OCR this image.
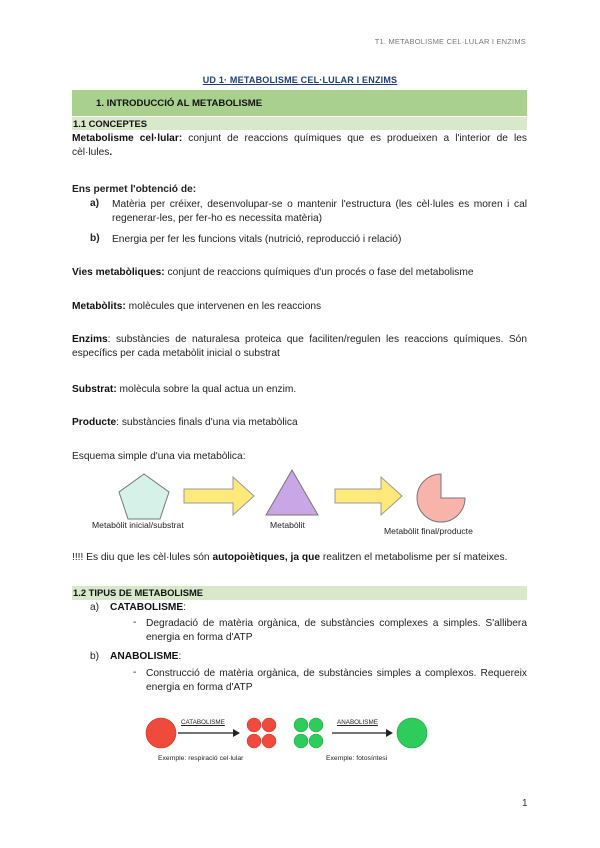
T1. METABOLISME CEL·LULAR I ENZIMS
UD 1· METABOLISME CEL·LULAR I ENZIMS
1. INTRODUCCIÓ AL METABOLISME
1.1 CONCEPTES
Metabolisme cel·lular: conjunt de reaccions químiques que es produeixen a l'interior de les cèl·lules.
Ens permet l'obtenció de:
a) Matèria per créixer, desenvolupar-se o mantenir l'estructura (les cèl·lules es moren i cal regenerar-les, per fer-ho es necessita matèria)
b) Energia per fer les funcions vitals (nutrició, reproducció i relació)
Vies metabòliques: conjunt de reaccions químiques d'un procés o fase del metabolisme
Metabòlits: molècules que intervenen en les reaccions
Enzims: substàncies de naturalesa proteica que faciliten/regulen les reaccions químiques. Són específics per cada metabòlit inicial o substrat
Substrat: molècula sobre la qual actua un enzim.
Producte: substàncies finals d'una via metabòlica
Esquema simple d'una via metabòlica:
Metabòlit inicial/substrat	Metabòlit
Metabòlit final/producte
!!!! Es diu que les cèl·lules són autopoiètiques, ja que realitzen el metabolisme per sí mateixes.
1.2 TIPUS DE METABOLISME
a) CATABOLISME:
- Degradació de matèria orgànica, de substàncies complexes a simples. S'allibera energia en forma d'ATP
b) ANABOLISME:
- Construcció de matèria orgànica, de substàncies simples a complexos. Requereix energia en forma d'ATP
CATABOLISME
Exemple: respiració cel·lular
ANABOLISME
Exemple: fotosíntesi
1
